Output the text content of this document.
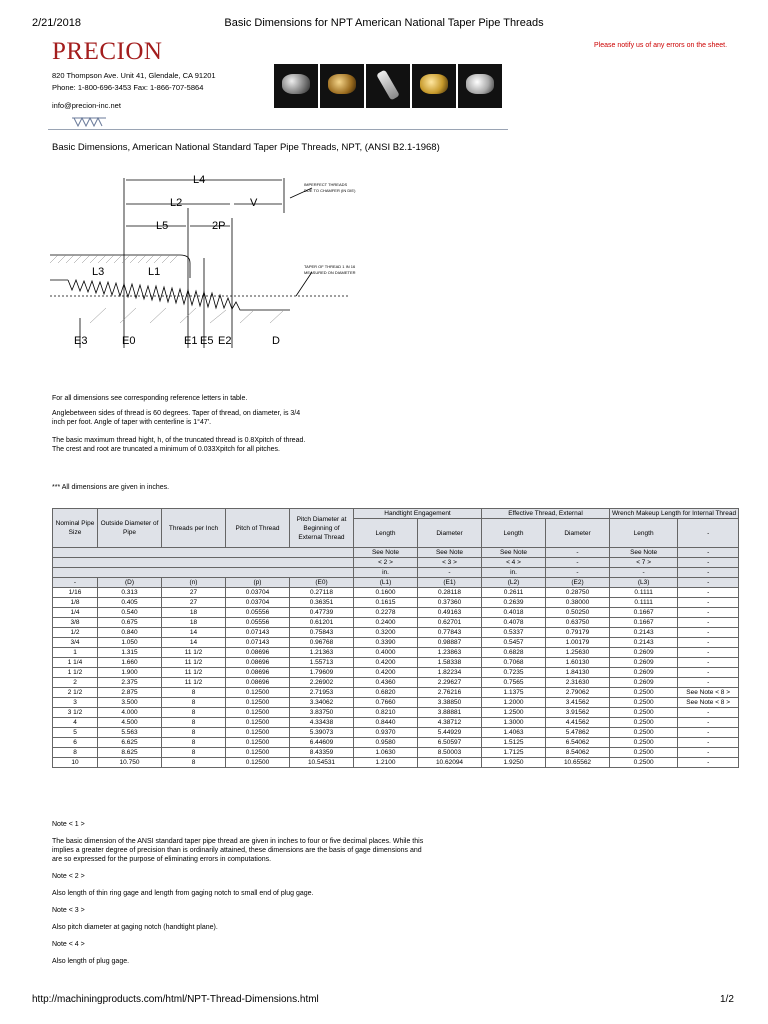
2/21/2018	Basic Dimensions for NPT American National Taper Pipe Threads
PRECION	Please notify us of any errors on the sheet.
820 Thompson Ave. Unit 41, Glendale, CA 91201
Phone: 1-800-696-3453 Fax: 1-866-707-5864
info@precion-inc.net
Basic Dimensions, American National Standard Taper Pipe Threads, NPT, (ANSI B2.1-1968)
L4
L2	V
L5	2P
L3	L1
E3	E0	E1 E5 E2	D
IMPERFECT THREADS
DUE TO CHAMFER (IN DIE)
TAPER OF THREAD 1 IN 16
MEASURED ON DIAMETER
For all dimensions see corresponding reference letters in table.
Anglebetween sides of thread is 60 degrees. Taper of thread, on diameter, is 3/4
inch per foot. Angle of taper with centerline is 1°47'.
The basic maximum thread hight, h, of the truncated thread is 0.8Xpitch of thread.
The crest and root are truncated a minimum of 0.033Xpitch for all pitches.
*** All dimensions are given in inches.
Nominal Pipe Size	Outside Diameter of Pipe	Threads per Inch	Pitch of Thread	Pitch Diameter at Beginning of External Thread	Handtight Engagement		Effective Thread, External		Wrench Makeup Length for Internal Thread	
					Length	Diameter	Length	Diameter	Length	-
					See Note	See Note	See Note	-	See Note	-
					< 2 >	< 3 >	< 4 >	-	< 7 >	-
					in.	-	in.	-	-	-
-	(D)	(n)	(p)	(E0)	(L1)	(E1)	(L2)	(E2)	(L3)	-
1/16	0.313	27	0.03704	0.27118	0.1600	0.28118	0.2611	0.28750	0.1111	-
1/8	0.405	27	0.03704	0.36351	0.1615	0.37360	0.2639	0.38000	0.1111	-
1/4	0.540	18	0.05556	0.47739	0.2278	0.49163	0.4018	0.50250	0.1667	-
3/8	0.675	18	0.05556	0.61201	0.2400	0.62701	0.4078	0.63750	0.1667	-
1/2	0.840	14	0.07143	0.75843	0.3200	0.77843	0.5337	0.79179	0.2143	-
3/4	1.050	14	0.07143	0.96768	0.3390	0.98887	0.5457	1.00179	0.2143	-
1	1.315	11 1/2	0.08696	1.21363	0.4000	1.23863	0.6828	1.25630	0.2609	-
1 1/4	1.660	11 1/2	0.08696	1.55713	0.4200	1.58338	0.7068	1.60130	0.2609	-
1 1/2	1.900	11 1/2	0.08696	1.79609	0.4200	1.82234	0.7235	1.84130	0.2609	-
2	2.375	11 1/2	0.08696	2.26902	0.4360	2.29627	0.7565	2.31630	0.2609	-
2 1/2	2.875	8	0.12500	2.71953	0.6820	2.76216	1.1375	2.79062	0.2500	See Note < 8 >
3	3.500	8	0.12500	3.34062	0.7660	3.38850	1.2000	3.41562	0.2500	See Note < 8 >
3 1/2	4.000	8	0.12500	3.83750	0.8210	3.88881	1.2500	3.91562	0.2500	-
4	4.500	8	0.12500	4.33438	0.8440	4.38712	1.3000	4.41562	0.2500	-
5	5.563	8	0.12500	5.39073	0.9370	5.44929	1.4063	5.47862	0.2500	-
6	6.625	8	0.12500	6.44609	0.9580	6.50597	1.5125	6.54062	0.2500	-
8	8.625	8	0.12500	8.43359	1.0630	8.50003	1.7125	8.54062	0.2500	-
10	10.750	8	0.12500	10.54531	1.2100	10.62094	1.9250	10.65562	0.2500	-

Note < 1 >

The basic dimension of the ANSI standard taper pipe thread are given in inches to four or five decimal places. While this implies a greater degree of precision than is ordinarily attained, these dimensions are the basis of gage dimensions and are so expressed for the purpose of eliminating errors in computations.

Note < 2 >

Also length of thin ring gage and length from gaging notch to small end of plug gage.

Note < 3 >

Also pitch diameter at gaging notch (handtight plane).

Note < 4 >

Also length of plug gage.

http://machiningproducts.com/html/NPT-Thread-Dimensions.html	1/2
